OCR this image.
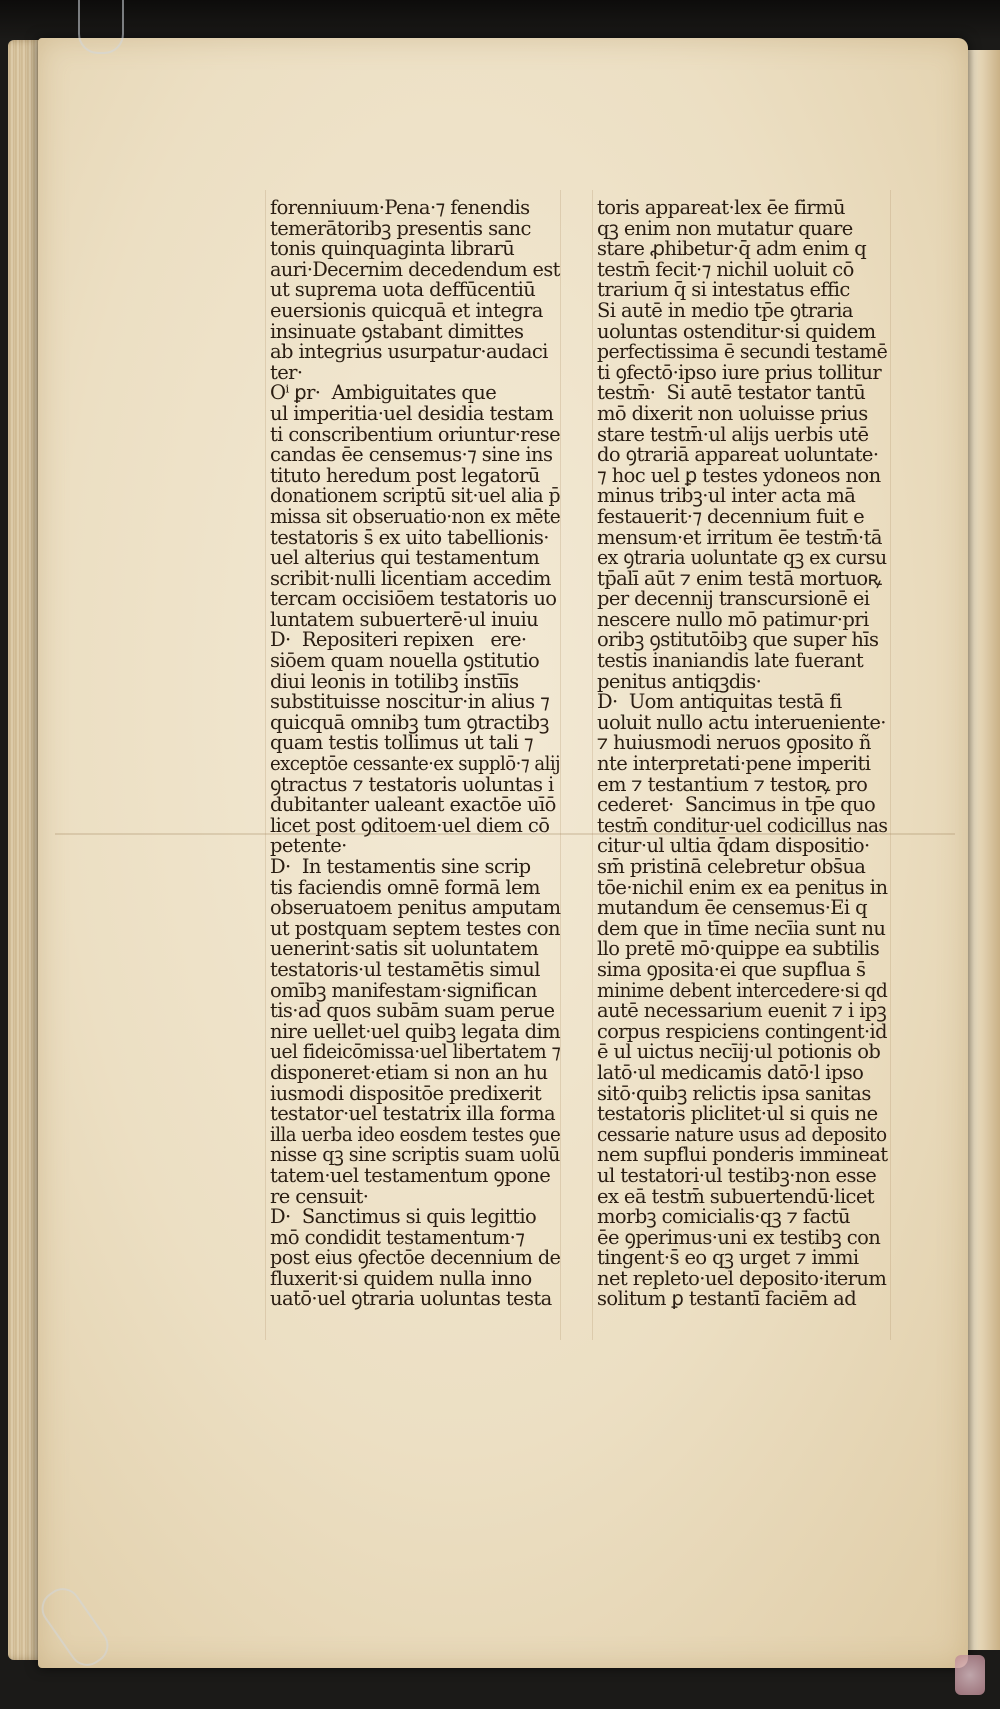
forenniuum·Pena·⁊ fenendis
temerātoribꝫ presentis sanc
tonis quinquaginta librarū
auri·Decernim decedendum est
ut suprema uota deffūcentiū
euersionis quicquā et integra
insinuate ꝯstabant dimittes
ab integrius usurpatur·audaci
ter·
Oⁱ ꝑr·  Ambiguitates que
ul imperitia·uel desidia testam
ti conscribentium oriuntur·rese
candas ēe censemus·⁊ sine ins
tituto heredum post legatorū
donationem scriptū sit·uel alia p̄
missa sit obseruatio·non ex mēte
testatoris s̄ ex uito tabellionis·
uel alterius qui testamentum
scribit·nulli licentiam accedim
tercam occisiōem testatoris uo
luntatem subuerterē·ul inuiu
D·  Repositeri repixen   ere·
siōem quam nouella ꝯstitutio
diui leonis in totilibꝫ instīīs
substituisse noscitur·in alius ⁊
quicquā omnibꝫ tum ꝯtractibꝫ
quam testis tollimus ut tali ⁊
exceptōe cessante·ex supplō·⁊ alij
ꝯtractus ⁊ testatoris uoluntas i
dubitanter ualeant exactōe uīō
licet post ꝯditoem·uel diem cō
petente·
D·  In testamentis sine scrip
tis faciendis omnē formā lem
obseruatoem penitus amputam
ut postquam septem testes con
uenerint·satis sit uoluntatem
testatoris·ul testamētis simul
omībꝫ manifestam·significan
tis·ad quos subām suam perue
nire uellet·uel quibꝫ legata dim
uel fideicōmissa·uel libertatem ⁊
disponeret·etiam si non an hu
iusmodi dispositōe predixerit
testator·uel testatrix illa forma
illa uerba ideo eosdem testes ꝯue
nisse qꝫ sine scriptis suam uolū
tatem·uel testamentum ꝯpone
re censuit·
D·  Sanctimus si quis legittio
mō condidit testamentum·⁊
post eius ꝯfectōe decennium de
fluxerit·si quidem nulla inno
uatō·uel ꝯtraria uoluntas testa
toris appareat·lex ēe firmū
qꝫ enim non mutatur quare
stare ꝓhibetur·q̄ adm enim q
testm̄ fecit·⁊ nichil uoluit cō
trarium q̄ si intestatus effic
Si autē in medio tp̄e ꝯtraria
uoluntas ostenditur·si quidem
perfectissima ē secundi testamē
ti ꝯfectō·ipso iure prius tollitur
testm̄·  Si autē testator tantū
mō dixerit non uoluisse prius
stare testm̄·ul alijs uerbis utē
do ꝯtrariā appareat uoluntate·
⁊ hoc uel ꝑ testes ydoneos non
minus tribꝫ·ul inter acta mā
festauerit·⁊ decennium fuit e
mensum·et irritum ēe testm̄·tā
ex ꝯtraria uoluntate qꝫ ex cursu
tp̄alī aūt ⁊ enim testā mortuoꝶ
per decennij transcursionē ei
nescere nullo mō patimur·pri
oribꝫ ꝯstitutōibꝫ que super hīs
testis inaniandis late fuerant
penitus antiqꝫdis·
D·  Uom antiquitas testā fi
uoluit nullo actu interueniente·
⁊ huiusmodi neruos ꝯposito ñ
nte interpretati·pene imperiti
em ⁊ testantium ⁊ testoꝶ pro
cederet·  Sancimus in tp̄e quo
testm̄ conditur·uel codicillus nas
citur·ul ultia q̄dam dispositio·
sm̄ pristinā celebretur obs̄ua
tōe·nichil enim ex ea penitus in
mutandum ēe censemus·Ei q
dem que in tīme necīia sunt nu
llo pretē mō·quippe ea subtilis
sima ꝯposita·ei que supflua s̄
minime debent intercedere·si qd
autē necessarium euenit ⁊ i ipꝫ
corpus respiciens contingent·id
ē ul uictus necīij·ul potionis ob
latō·ul medicamis datō·l ipso
sitō·quibꝫ relictis ipsa sanitas
testatoris pliclitet·ul si quis ne
cessarie nature usus ad deposito
nem supflui ponderis immineat
ul testatori·ul testibꝫ·non esse
ex eā testm̄ subuertendū·licet
morbꝫ comicialis·qꝫ ⁊ factū
ēe ꝯperimus·uni ex testibꝫ con
tingent·s̄ eo qꝫ urget ⁊ immi
net repleto·uel deposito·iterum
solitum ꝑ testantī faciēm ad
